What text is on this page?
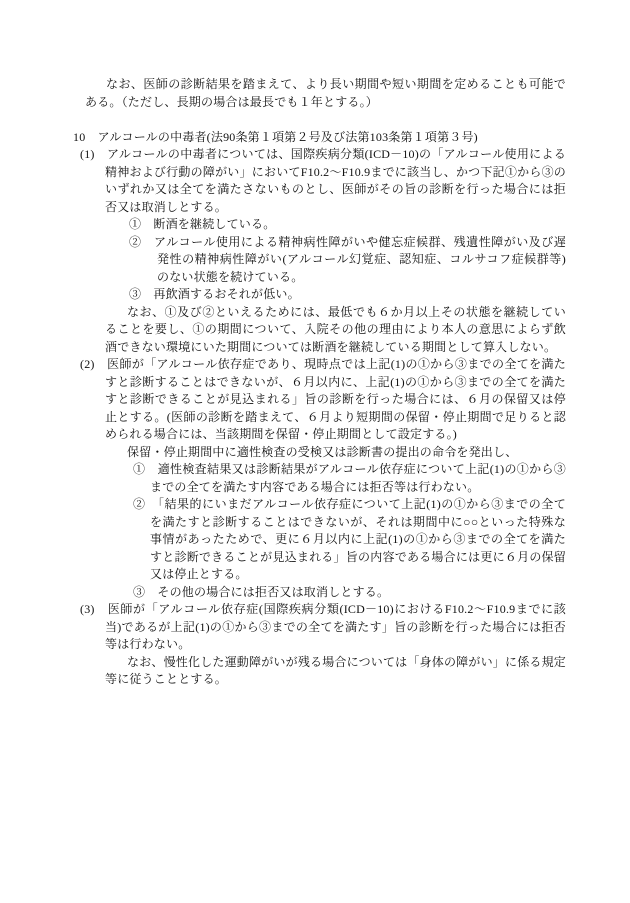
なお、医師の診断結果を踏まえて、より長い期間や短い期間を定めることも可能である。（ただし、長期の場合は最長でも１年とする。）

10　アルコールの中毒者(法90条第１項第２号及び法第103条第１項第３号)

(1)　アルコールの中毒者については、国際疾病分類(ICD－10)の「アルコール使用による精神および行動の障がい」においてF10.2～F10.9までに該当し、かつ下記①から③のいずれか又は全てを満たさないものとし、医師がその旨の診断を行った場合には拒否又は取消しとする。

①　断酒を継続している。

②　アルコール使用による精神病性障がいや健忘症候群、残遺性障がい及び遅発性の精神病性障がい(アルコール幻覚症、認知症、コルサコフ症候群等)のない状態を続けている。

③　再飲酒するおそれが低い。

なお、①及び②といえるためには、最低でも６か月以上その状態を継続していることを要し、①の期間について、入院その他の理由により本人の意思によらず飲酒できない環境にいた期間については断酒を継続している期間として算入しない。

(2)　医師が「アルコール依存症であり、現時点では上記(1)の①から③までの全てを満たすと診断することはできないが、６月以内に、上記(1)の①から③までの全てを満たすと診断できることが見込まれる」旨の診断を行った場合には、６月の保留又は停止とする。(医師の診断を踏まえて、６月より短期間の保留・停止期間で足りると認められる場合には、当該期間を保留・停止期間として設定する。)

保留・停止期間中に適性検査の受検又は診断書の提出の命令を発出し、

①　適性検査結果又は診断結果がアルコール依存症について上記(1)の①から③までの全てを満たす内容である場合には拒否等は行わない。

②　「結果的にいまだアルコール依存症について上記(1)の①から③までの全てを満たすと診断することはできないが、それは期間中に○○といった特殊な事情があったためで、更に６月以内に上記(1)の①から③までの全てを満たすと診断できることが見込まれる」旨の内容である場合には更に６月の保留又は停止とする。

③　その他の場合には拒否又は取消しとする。

(3)　医師が「アルコール依存症(国際疾病分類(ICD－10)におけるF10.2～F10.9までに該当)であるが上記(1)の①から③までの全てを満たす」旨の診断を行った場合には拒否等は行わない。

なお、慢性化した運動障がいが残る場合については「身体の障がい」に係る規定等に従うこととする。
